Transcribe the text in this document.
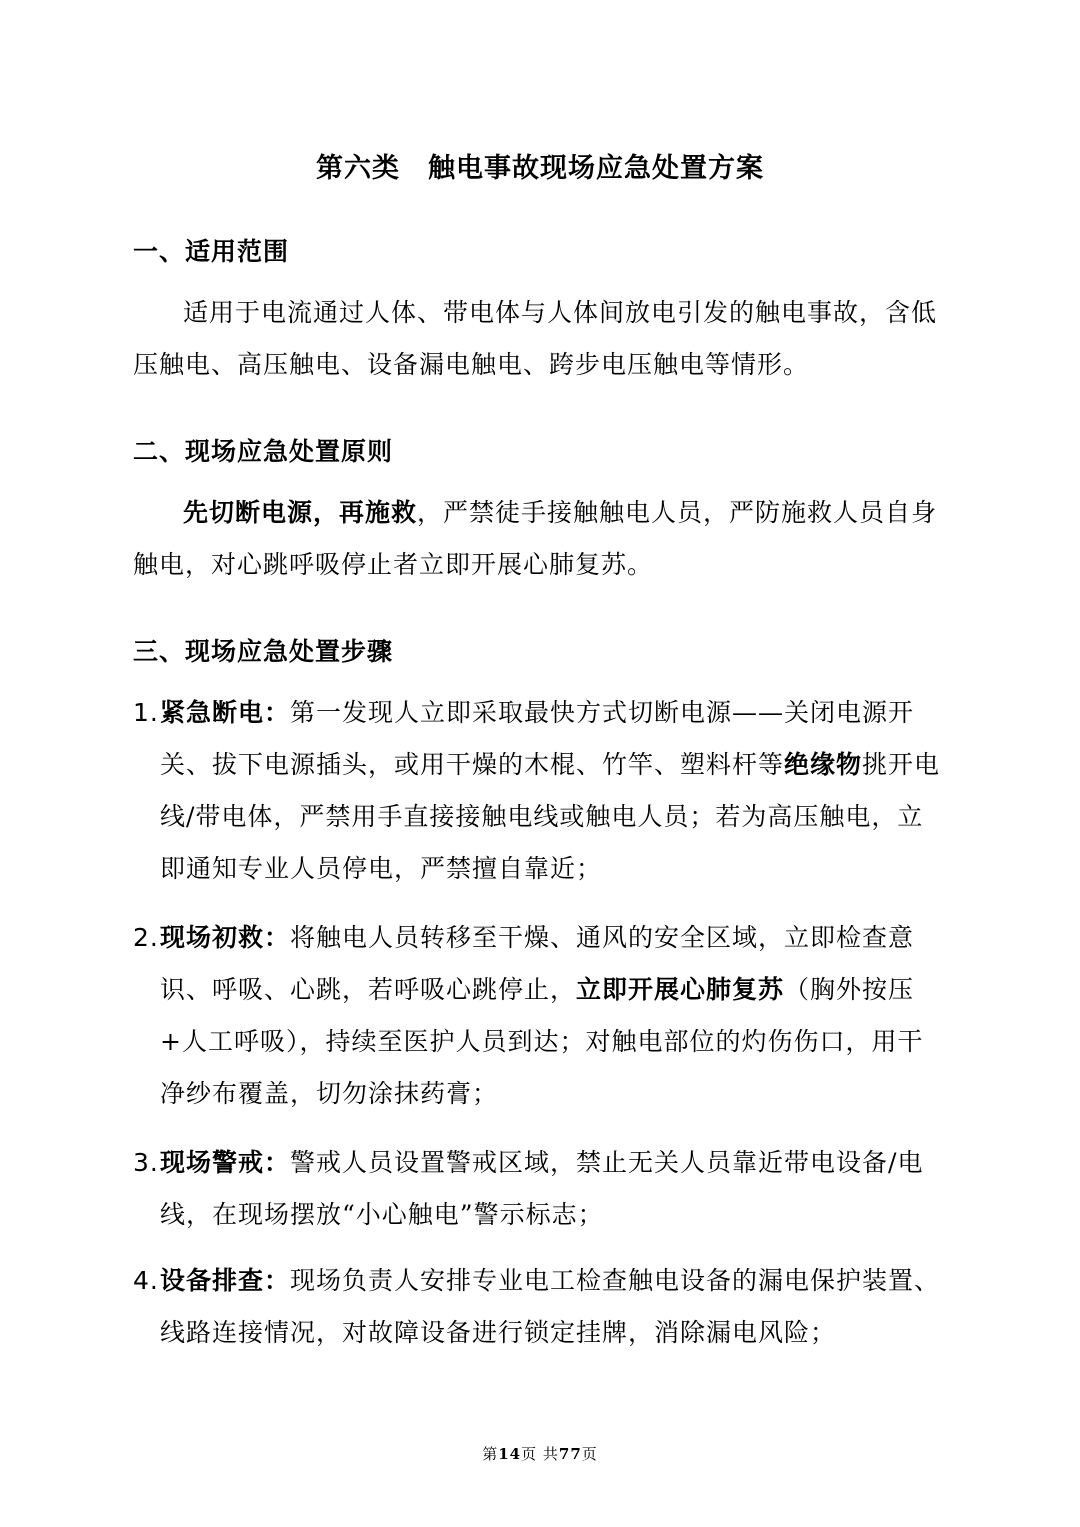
第六类　触电事故现场应急处置方案
一、适用范围
适用于电流通过人体、带电体与人体间放电引发的触电事故，含低压触电、高压触电、设备漏电触电、跨步电压触电等情形。
二、现场应急处置原则
先切断电源，再施救，严禁徒手接触触电人员，严防施救人员自身触电，对心跳呼吸停止者立即开展心肺复苏。
三、现场应急处置步骤
1. 紧急断电：第一发现人立即采取最快方式切断电源——关闭电源开关、拔下电源插头，或用干燥的木棍、竹竿、塑料杆等绝缘物挑开电线/带电体，严禁用手直接接触电线或触电人员；若为高压触电，立即通知专业人员停电，严禁擅自靠近；
2. 现场初救：将触电人员转移至干燥、通风的安全区域，立即检查意识、呼吸、心跳，若呼吸心跳停止，立即开展心肺复苏（胸外按压+人工呼吸），持续至医护人员到达；对触电部位的灼伤伤口，用干净纱布覆盖，切勿涂抹药膏；
3. 现场警戒：警戒人员设置警戒区域，禁止无关人员靠近带电设备/电线，在现场摆放“小心触电”警示标志；
4. 设备排查：现场负责人安排专业电工检查触电设备的漏电保护装置、线路连接情况，对故障设备进行锁定挂牌，消除漏电风险；
第14页 共77页
